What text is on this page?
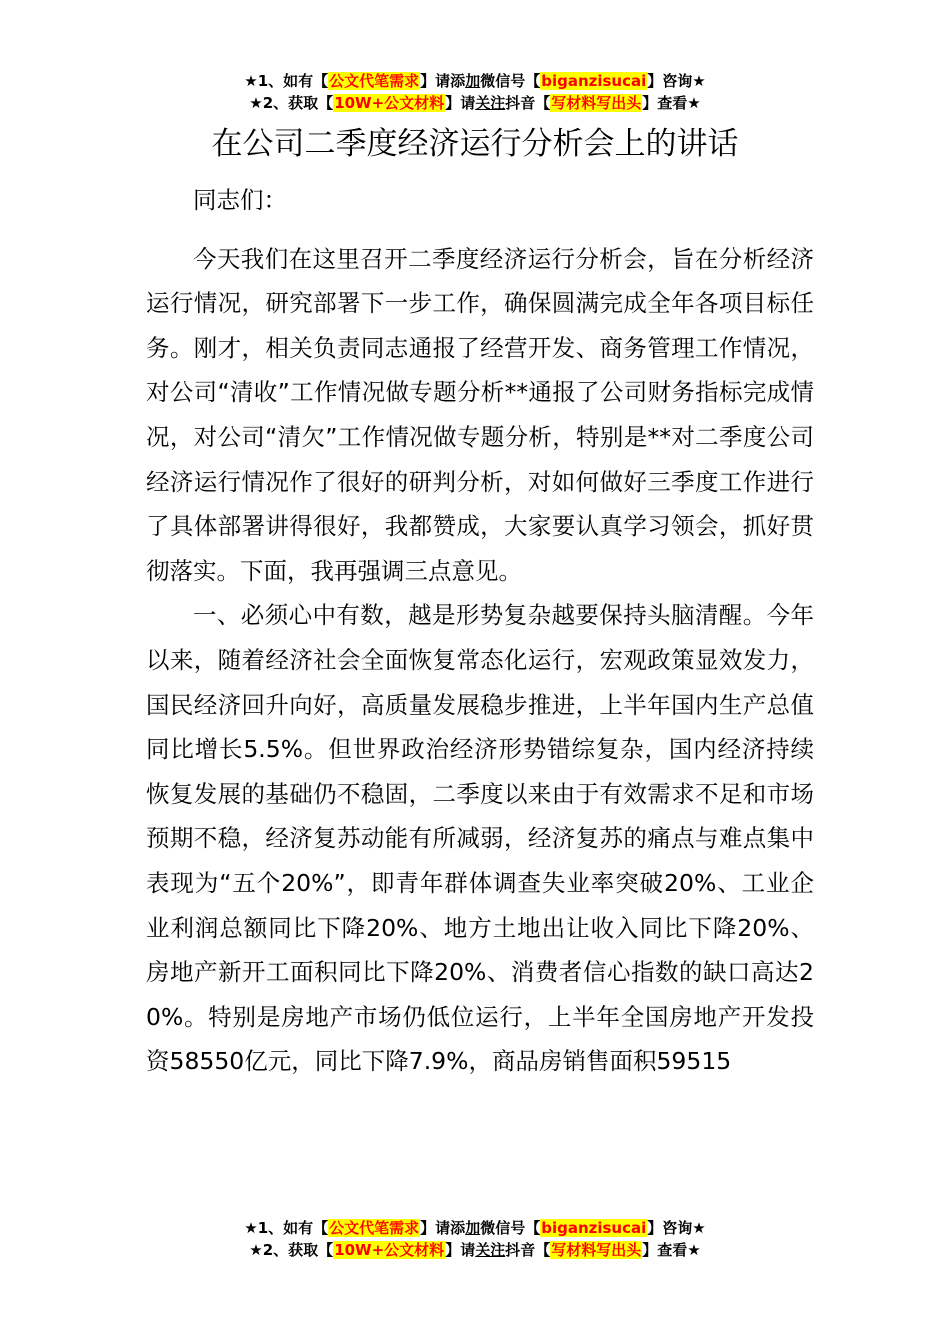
★1、如有【公文代笔需求】请添加微信号【biganzisucai】咨询★
★2、获取【10W+公文材料】请关注抖音【写材料写出头】查看★
在公司二季度经济运行分析会上的讲话

同志们：

今天我们在这里召开二季度经济运行分析会，旨在分析经济运行情况，研究部署下一步工作，确保圆满完成全年各项目标任务。刚才，相关负责同志通报了经营开发、商务管理工作情况，对公司“清收”工作情况做专题分析**通报了公司财务指标完成情况，对公司“清欠”工作情况做专题分析，特别是**对二季度公司经济运行情况作了很好的研判分析，对如何做好三季度工作进行了具体部署讲得很好，我都赞成，大家要认真学习领会，抓好贯彻落实。下面，我再强调三点意见。

一、必须心中有数，越是形势复杂越要保持头脑清醒。今年以来，随着经济社会全面恢复常态化运行，宏观政策显效发力，国民经济回升向好，高质量发展稳步推进，上半年国内生产总值同比增长5.5%。但世界政治经济形势错综复杂，国内经济持续恢复发展的基础仍不稳固，二季度以来由于有效需求不足和市场预期不稳，经济复苏动能有所减弱，经济复苏的痛点与难点集中表现为“五个20%”，即青年群体调查失业率突破20%、工业企业利润总额同比下降20%、地方土地出让收入同比下降20%、房地产新开工面积同比下降20%、消费者信心指数的缺口高达20%。特别是房地产市场仍低位运行，上半年全国房地产开发投资58550亿元，同比下降7.9%，商品房销售面积59515

★1、如有【公文代笔需求】请添加微信号【biganzisucai】咨询★
★2、获取【10W+公文材料】请关注抖音【写材料写出头】查看★
